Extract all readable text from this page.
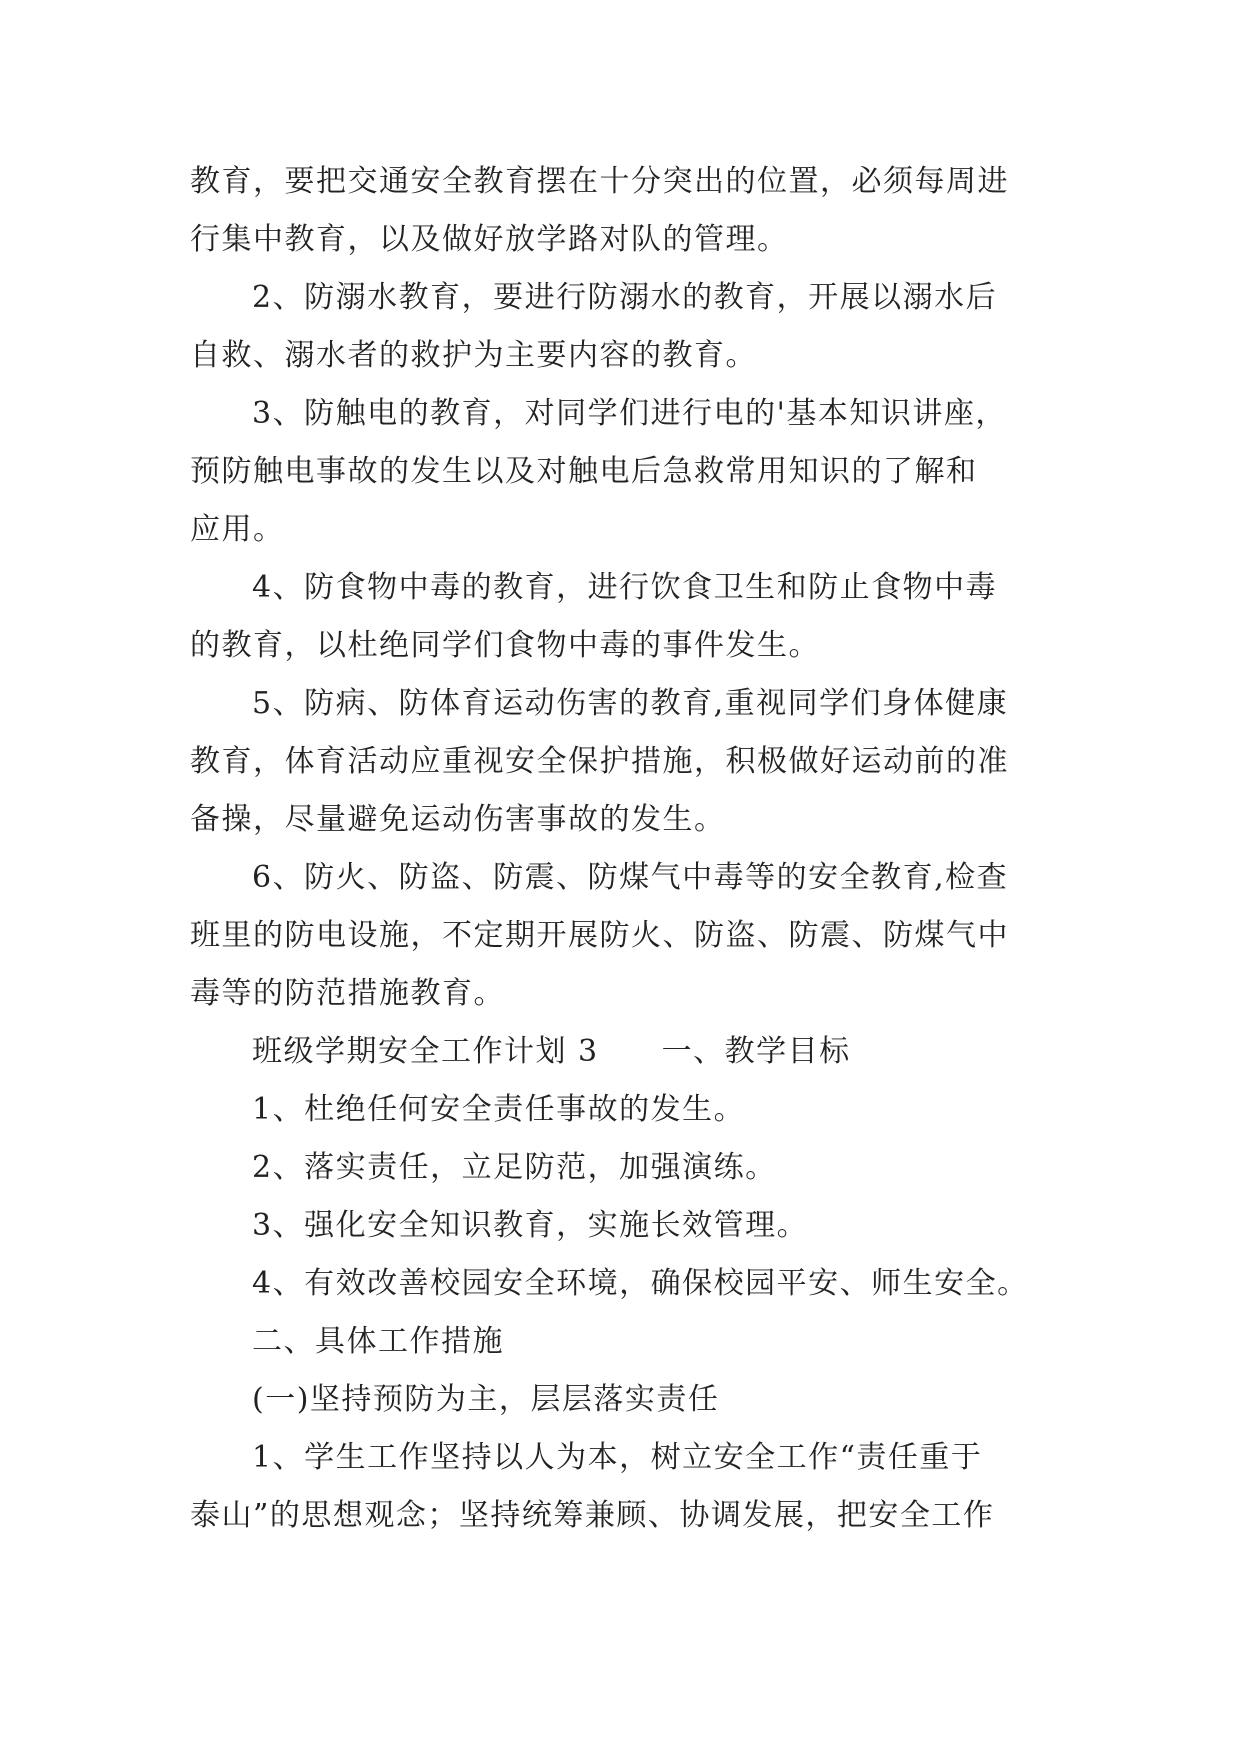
教育，要把交通安全教育摆在十分突出的位置，必须每周进
行集中教育，以及做好放学路对队的管理。
2、防溺水教育，要进行防溺水的教育，开展以溺水后
自救、溺水者的救护为主要内容的教育。
3、防触电的教育，对同学们进行电的'基本知识讲座，
预防触电事故的发生以及对触电后急救常用知识的了解和
应用。
4、防食物中毒的教育，进行饮食卫生和防止食物中毒
的教育，以杜绝同学们食物中毒的事件发生。
5、防病、防体育运动伤害的教育,重视同学们身体健康
教育，体育活动应重视安全保护措施，积极做好运动前的准
备操，尽量避免运动伤害事故的发生。
6、防火、防盗、防震、防煤气中毒等的安全教育,检查
班里的防电设施，不定期开展防火、防盗、防震、防煤气中
毒等的防范措施教育。
班级学期安全工作计划 3　　一、教学目标
1、杜绝任何安全责任事故的发生。
2、落实责任，立足防范，加强演练。
3、强化安全知识教育，实施长效管理。
4、有效改善校园安全环境，确保校园平安、师生安全。
二、具体工作措施
(一)坚持预防为主，层层落实责任
1、学生工作坚持以人为本，树立安全工作“责任重于
泰山”的思想观念；坚持统筹兼顾、协调发展，把安全工作
